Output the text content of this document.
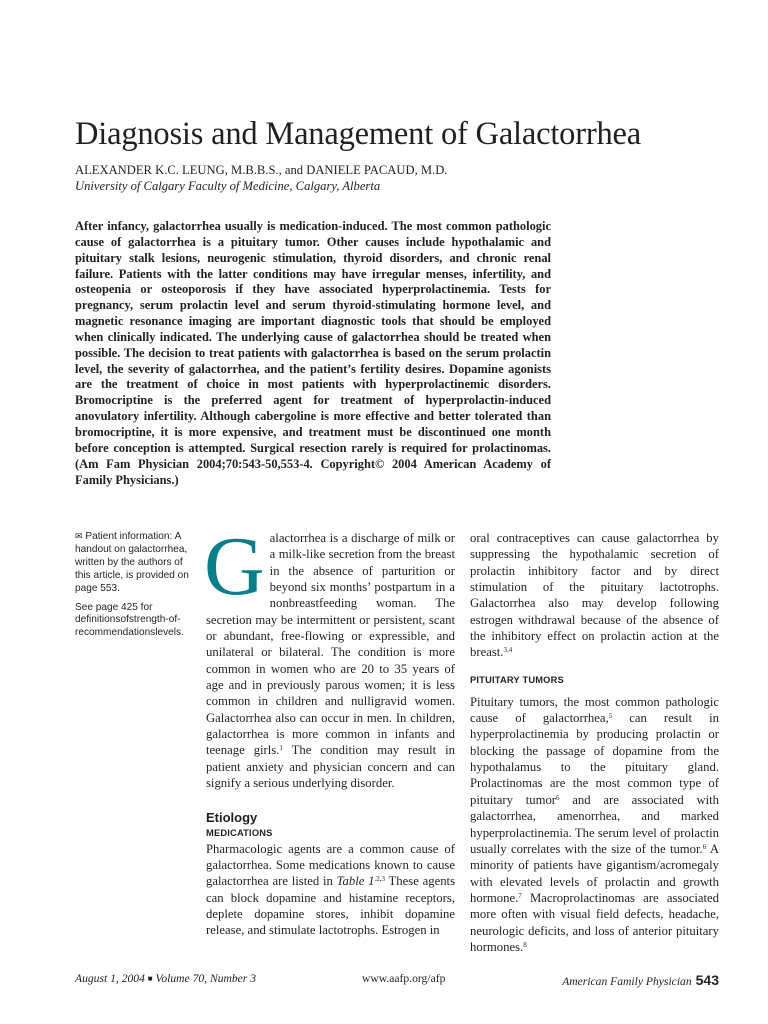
Diagnosis and Management of Galactorrhea
ALEXANDER K.C. LEUNG, M.B.B.S., and DANIELE PACAUD, M.D.
University of Calgary Faculty of Medicine, Calgary, Alberta
After infancy, galactorrhea usually is medication-induced. The most common pathologic cause of galactorrhea is a pituitary tumor. Other causes include hypothalamic and pituitary stalk lesions, neurogenic stimulation, thyroid disorders, and chronic renal failure. Patients with the latter conditions may have irregular menses, infertility, and osteopenia or osteoporosis if they have associated hyperprolactinemia. Tests for pregnancy, serum prolactin level and serum thyroid-stimulating hormone level, and magnetic resonance imaging are important diagnostic tools that should be employed when clinically indicated. The underlying cause of galactorrhea should be treated when possible. The decision to treat patients with galactorrhea is based on the serum prolactin level, the severity of galactorrhea, and the patient’s fertility desires. Dopamine agonists are the treatment of choice in most patients with hyperprolactinemic disorders. Bromocriptine is the preferred agent for treatment of hyperprolactin-induced anovulatory infertility. Although cabergoline is more effective and better tolerated than bromocriptine, it is more expensive, and treatment must be discontinued one month before conception is attempted. Surgical resection rarely is required for prolactinomas. (Am Fam Physician 2004;70:543-50,553-4. Copyright© 2004 American Academy of Family Physicians.)

✉ Patient information: A handout on galactorrhea, written by the authors of this article, is provided on page 553.

See page 425 for definitionsofstrength-of-recommendationslevels.

Galactorrhea is a discharge of milk or a milk-like secretion from the breast in the absence of parturition or beyond six months’ postpartum in a nonbreastfeeding woman. The secretion may be intermittent or persistent, scant or abundant, free-flowing or expressible, and unilateral or bilateral. The condition is more common in women who are 20 to 35 years of age and in previously parous women; it is less common in children and nulligravid women. Galactorrhea also can occur in men. In children, galactorrhea is more common in infants and teenage girls.$^1$ The condition may result in patient anxiety and physician concern and can signify a serious underlying disorder.

Etiology
MEDICATIONS

Pharmacologic agents are a common cause of galactorrhea. Some medications known to cause galactorrhea are listed in Table $1^{.2,3}$ These agents can block dopamine and histamine receptors, deplete dopamine stores, inhibit dopamine release, and stimulate lactotrophs. Estrogen in

oral contraceptives can cause galactorrhea by suppressing the hypothalamic secretion of prolactin inhibitory factor and by direct stimulation of the pituitary lactotrophs. Galactorrhea also may develop following estrogen withdrawal because of the absence of the inhibitory effect on prolactin action at the breast.$^{3,4}$

PITUITARY TUMORS

Pituitary tumors, the most common pathologic cause of galactorrhea,$^5$ can result in hyperprolactinemia by producing prolactin or blocking the passage of dopamine from the hypothalamus to the pituitary gland. Prolactinomas are the most common type of pituitary tumor$^6$ and are associated with galactorrhea, amenorrhea, and marked hyperprolactinemia. The serum level of prolactin usually correlates with the size of the tumor.$^6$ A minority of patients have gigantism/acromegaly with elevated levels of prolactin and growth hormone.$^7$ Macroprolactinomas are associated more often with visual field defects, headache, neurologic deficits, and loss of anterior pituitary hormones.$^8$

August 1, 2004 ■ Volume 70, Number 3	www.aafp.org/afp	American Family Physician 543
